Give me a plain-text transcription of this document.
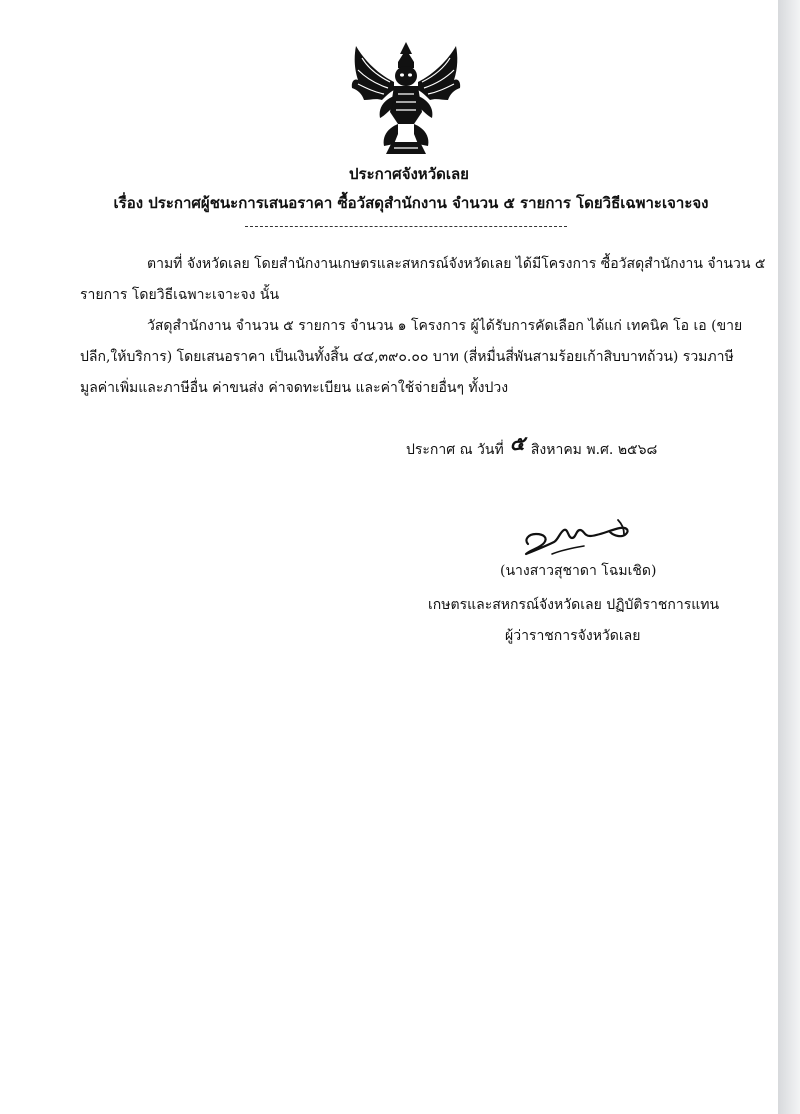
ประกาศจังหวัดเลย
เรื่อง ประกาศผู้ชนะการเสนอราคา ซื้อวัสดุสำนักงาน จำนวน ๕ รายการ โดยวิธีเฉพาะเจาะจง
ตามที่ จังหวัดเลย โดยสำนักงานเกษตรและสหกรณ์จังหวัดเลย ได้มีโครงการ ซื้อวัสดุสำนักงาน จำนวน ๕
รายการ โดยวิธีเฉพาะเจาะจง นั้น
วัสดุสำนักงาน จำนวน ๕ รายการ จำนวน ๑ โครงการ ผู้ได้รับการคัดเลือก ได้แก่ เทคนิค โอ เอ (ขาย
ปลีก,ให้บริการ) โดยเสนอราคา เป็นเงินทั้งสิ้น ๔๔,๓๙๐.๐๐ บาท (สี่หมื่นสี่พันสามร้อยเก้าสิบบาทถ้วน) รวมภาษี
มูลค่าเพิ่มและภาษีอื่น ค่าขนส่ง ค่าจดทะเบียน และค่าใช้จ่ายอื่นๆ ทั้งปวง
ประกาศ ณ วันที่ ๕ สิงหาคม พ.ศ. ๒๕๖๘
(นางสาวสุชาดา โฉมเชิด)
เกษตรและสหกรณ์จังหวัดเลย ปฏิบัติราชการแทน
ผู้ว่าราชการจังหวัดเลย
